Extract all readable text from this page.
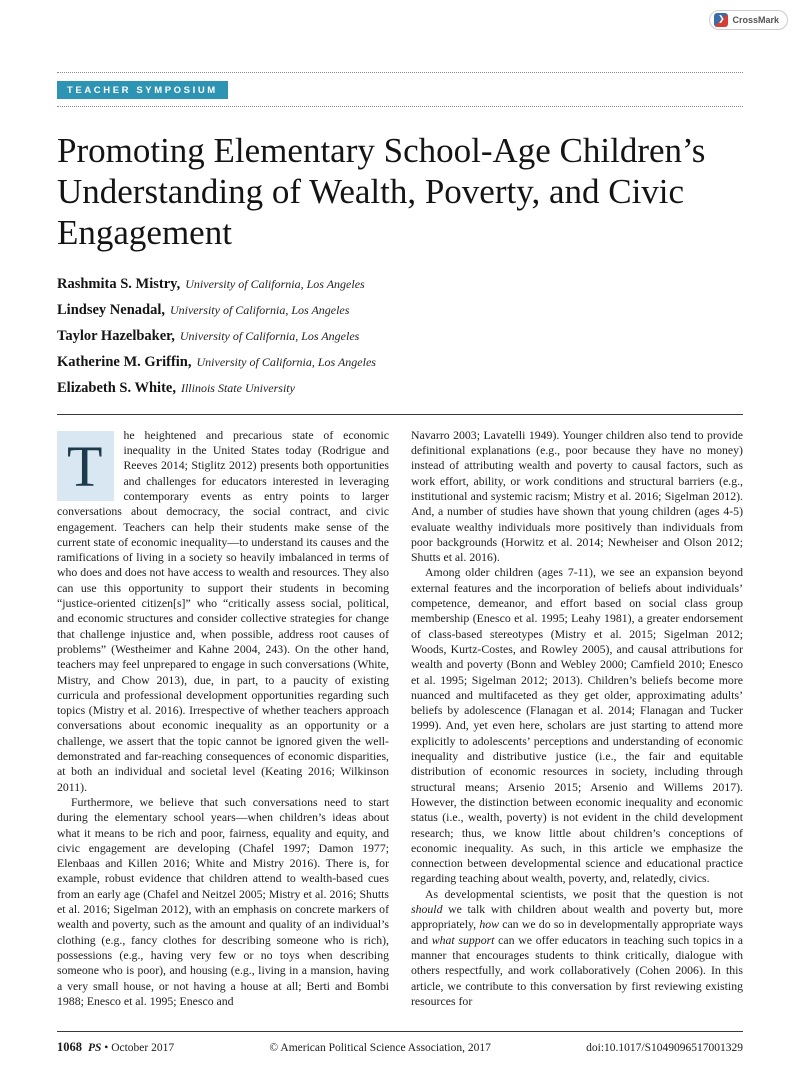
❯
CrossMark
TEACHER SYMPOSIUM
Promoting Elementary School-Age Children’s Understanding of Wealth, Poverty, and Civic Engagement
Rashmita S. Mistry, University of California, Los Angeles
Lindsey Nenadal, University of California, Los Angeles
Taylor Hazelbaker, University of California, Los Angeles
Katherine M. Griffin, University of California, Los Angeles
Elizabeth S. White, Illinois State University

T	he heightened and precarious state of economic inequality in the United States today (Rodrigue and Reeves 2014; Stiglitz 2012) presents both opportunities and challenges for educators interested in leveraging contemporary events as entry points to larger conversations about democracy, the social contract, and civic engagement. Teachers can help their students make sense of the current state of economic inequality—to understand its causes and the ramifications of living in a society so heavily imbalanced in terms of who does and does not have access to wealth and resources. They also can use this opportunity to support their students in becoming “justice-oriented citizen[s]” who “critically assess social, political, and economic structures and consider collective strategies for change that challenge injustice and, when possible, address root causes of problems” (Westheimer and Kahne 2004, 243). On the other hand, teachers may feel unprepared to engage in such conversations (White, Mistry, and Chow 2013), due, in part, to a paucity of existing curricula and professional development opportunities regarding such topics (Mistry et al. 2016). Irrespective of whether teachers approach conversations about economic inequality as an opportunity or a challenge, we assert that the topic cannot be ignored given the well-demonstrated and far-reaching consequences of economic disparities, at both an individual and societal level (Keating 2016; Wilkinson 2011).

Furthermore, we believe that such conversations need to start during the elementary school years—when children’s ideas about what it means to be rich and poor, fairness, equality and equity, and civic engagement are developing (Chafel 1997; Damon 1977; Elenbaas and Killen 2016; White and Mistry 2016). There is, for example, robust evidence that children attend to wealth-based cues from an early age (Chafel and Neitzel 2005; Mistry et al. 2016; Shutts et al. 2016; Sigelman 2012), with an emphasis on concrete markers of wealth and poverty, such as the amount and quality of an individual’s clothing (e.g., fancy clothes for describing someone who is rich), possessions (e.g., having very few or no toys when describing someone who is poor), and housing (e.g., living in a mansion, having a very small house, or not having a house at all; Berti and Bombi 1988; Enesco et al. 1995; Enesco and

Navarro 2003; Lavatelli 1949). Younger children also tend to provide definitional explanations (e.g., poor because they have no money) instead of attributing wealth and poverty to causal factors, such as work effort, ability, or work conditions and structural barriers (e.g., institutional and systemic racism; Mistry et al. 2016; Sigelman 2012). And, a number of studies have shown that young children (ages 4-5) evaluate wealthy individuals more positively than individuals from poor backgrounds (Horwitz et al. 2014; Newheiser and Olson 2012; Shutts et al. 2016).

Among older children (ages 7-11), we see an expansion beyond external features and the incorporation of beliefs about individuals’ competence, demeanor, and effort based on social class group membership (Enesco et al. 1995; Leahy 1981), a greater endorsement of class-based stereotypes (Mistry et al. 2015; Sigelman 2012; Woods, Kurtz-Costes, and Rowley 2005), and causal attributions for wealth and poverty (Bonn and Webley 2000; Camfield 2010; Enesco et al. 1995; Sigelman 2012; 2013). Children’s beliefs become more nuanced and multifaceted as they get older, approximating adults’ beliefs by adolescence (Flanagan et al. 2014; Flanagan and Tucker 1999). And, yet even here, scholars are just starting to attend more explicitly to adolescents’ perceptions and understanding of economic inequality and distributive justice (i.e., the fair and equitable distribution of economic resources in society, including through structural means; Arsenio 2015; Arsenio and Willems 2017). However, the distinction between economic inequality and economic status (i.e., wealth, poverty) is not evident in the child development research; thus, we know little about children’s conceptions of economic inequality. As such, in this article we emphasize the connection between developmental science and educational practice regarding teaching about wealth, poverty, and, relatedly, civics.

As developmental scientists, we posit that the question is not should we talk with children about wealth and poverty but, more appropriately, how can we do so in developmentally appropriate ways and what support can we offer educators in teaching such topics in a manner that encourages students to think critically, dialogue with others respectfully, and work collaboratively (Cohen 2006). In this article, we contribute to this conversation by first reviewing existing resources for

1068 PS • October 2017	© American Political Science Association, 2017	doi:10.1017/S1049096517001329
